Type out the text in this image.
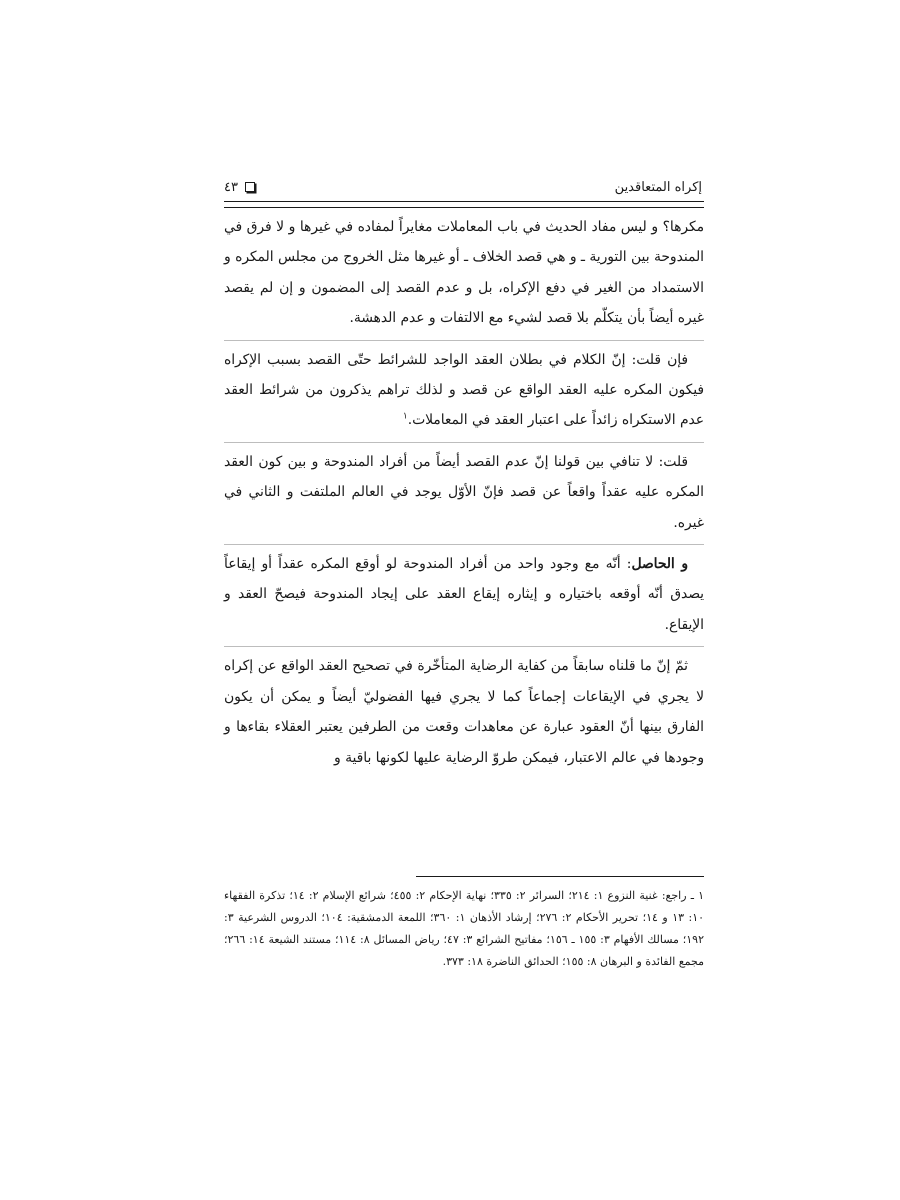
إكراه المتعاقدين
٤٣

مكرها؟ و ليس مفاد الحديث في باب المعاملات مغايراً لمفاده في غيرها و لا فرق في المندوحة بين التورية ـ و هي قصد الخلاف ـ أو غيرها مثل الخروج من مجلس المكره و الاستمداد من الغير في دفع الإكراه، بل و عدم القصد إلى المضمون و إن لم يقصد غيره أيضاً بأن يتكلّم بلا قصد لشيء مع الالتفات و عدم الدهشة.

فإن قلت: إنّ الكلام في بطلان العقد الواجد للشرائط حتّى القصد بسبب الإكراه فيكون المكره عليه العقد الواقع عن قصد و لذلك تراهم يذكرون من شرائط العقد عدم الاستكراه زائداً على اعتبار العقد في المعاملات.$^١$

قلت: لا تنافي بين قولنا إنّ عدم القصد أيضاً من أفراد المندوحة و بين كون العقد المكره عليه عقداً واقعاً عن قصد فإنّ الأوّل يوجد في العالم الملتفت و الثاني في غيره.

و الحاصل: أنّه مع وجود واحد من أفراد المندوحة لو أوقع المكره عقداً أو إيقاعاً يصدق أنّه أوقعه باختياره و إيثاره إيقاع العقد على إيجاد المندوحة فيصحّ العقد و الإيقاع.

ثمّ إنّ ما قلناه سابقاً من كفاية الرضاية المتأخّرة في تصحيح العقد الواقع عن إكراه لا يجري في الإيقاعات إجماعاً كما لا يجري فيها الفضوليّ أيضاً و يمكن أن يكون الفارق بينها أنّ العقود عبارة عن معاهدات وقعت من الطرفين يعتبر العقلاء بقاءها و وجودها في عالم الاعتبار، فيمكن طروّ الرضاية عليها لكونها باقية و

١ ـ راجع: غنية النزوع ١: ٢١٤؛ السرائر ٢: ٣٣٥؛ نهاية الإحكام ٢: ٤٥٥؛ شرائع الإسلام ٢: ١٤؛ تذكرة الفقهاء ١٠: ١٣ و ١٤؛ تحرير الأحكام ٢: ٢٧٦؛ إرشاد الأذهان ١: ٣٦٠؛ اللمعة الدمشقية: ١٠٤؛ الدروس الشرعية ٣: ١٩٢؛ مسالك الأفهام ٣: ١٥٥ ـ ١٥٦؛ مفاتيح الشرائع ٣: ٤٧؛ رياض المسائل ٨: ١١٤؛ مستند الشيعة ١٤: ٢٦٦؛ مجمع الفائدة و البرهان ٨: ١٥٥؛ الحدائق الناضرة ١٨: ٣٧٣.
